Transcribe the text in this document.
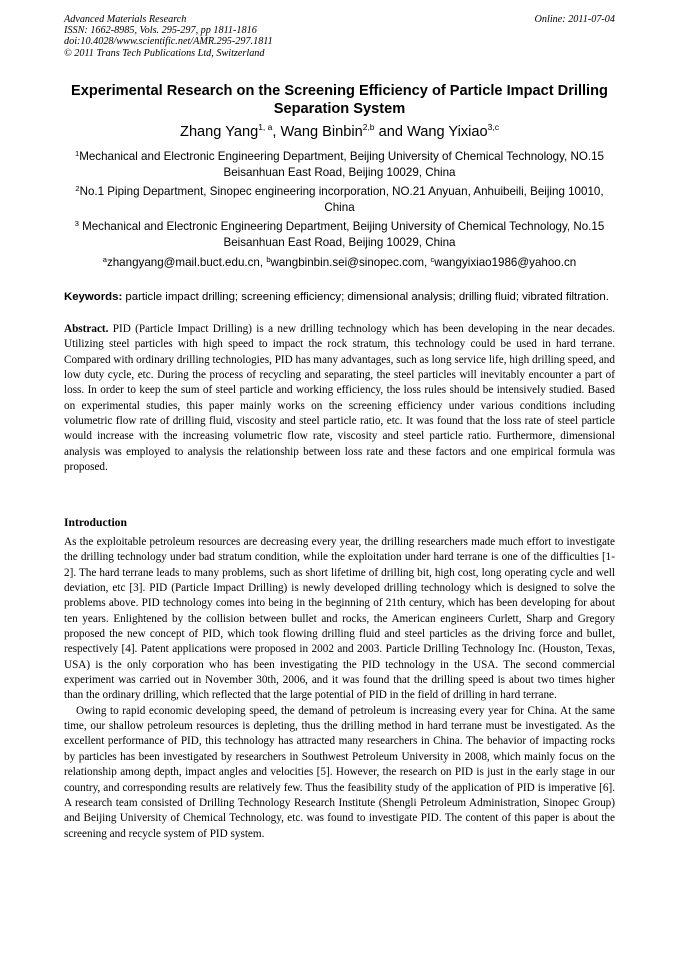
Advanced Materials Research
ISSN: 1662-8985, Vols. 295-297, pp 1811-1816
doi:10.4028/www.scientific.net/AMR.295-297.1811
© 2011 Trans Tech Publications Ltd, Switzerland
Online: 2011-07-04
Experimental Research on the Screening Efficiency of Particle Impact Drilling Separation System
Zhang Yang$^{1, a}$, Wang Binbin$^{2,b}$ and Wang Yixiao$^{3,c}$
$^1$Mechanical and Electronic Engineering Department, Beijing University of Chemical Technology, NO.15 Beisanhuan East Road, Beijing 10029, China
$^2$No.1 Piping Department, Sinopec engineering incorporation, NO.21 Anyuan, Anhuibeili, Beijing 10010, China
$^3$ Mechanical and Electronic Engineering Department, Beijing University of Chemical Technology, No.15 Beisanhuan East Road, Beijing 10029, China
$^a$zhangyang@mail.buct.edu.cn, $^b$wangbinbin.sei@sinopec.com, $^c$wangyixiao1986@yahoo.cn
Keywords: particle impact drilling; screening efficiency; dimensional analysis; drilling fluid; vibrated filtration.
Abstract. PID (Particle Impact Drilling) is a new drilling technology which has been developing in the near decades. Utilizing steel particles with high speed to impact the rock stratum, this technology could be used in hard terrane. Compared with ordinary drilling technologies, PID has many advantages, such as long service life, high drilling speed, and low duty cycle, etc. During the process of recycling and separating, the steel particles will inevitably encounter a part of loss. In order to keep the sum of steel particle and working efficiency, the loss rules should be intensively studied. Based on experimental studies, this paper mainly works on the screening efficiency under various conditions including volumetric flow rate of drilling fluid, viscosity and steel particle ratio, etc. It was found that the loss rate of steel particle would increase with the increasing volumetric flow rate, viscosity and steel particle ratio. Furthermore, dimensional analysis was employed to analysis the relationship between loss rate and these factors and one empirical formula was proposed.
Introduction

As the exploitable petroleum resources are decreasing every year, the drilling researchers made much effort to investigate the drilling technology under bad stratum condition, while the exploitation under hard terrane is one of the difficulties [1-2]. The hard terrane leads to many problems, such as short lifetime of drilling bit, high cost, long operating cycle and well deviation, etc [3]. PID (Particle Impact Drilling) is newly developed drilling technology which is designed to solve the problems above. PID technology comes into being in the beginning of 21th century, which has been developing for about ten years. Enlightened by the collision between bullet and rocks, the American engineers Curlett, Sharp and Gregory proposed the new concept of PID, which took flowing drilling fluid and steel particles as the driving force and bullet, respectively [4]. Patent applications were proposed in 2002 and 2003. Particle Drilling Technology Inc. (Houston, Texas, USA) is the only corporation who has been investigating the PID technology in the USA. The second commercial experiment was carried out in November 30th, 2006, and it was found that the drilling speed is about two times higher than the ordinary drilling, which reflected that the large potential of PID in the field of drilling in hard terrane.

Owing to rapid economic developing speed, the demand of petroleum is increasing every year for China. At the same time, our shallow petroleum resources is depleting, thus the drilling method in hard terrane must be investigated. As the excellent performance of PID, this technology has attracted many researchers in China. The behavior of impacting rocks by particles has been investigated by researchers in Southwest Petroleum University in 2008, which mainly focus on the relationship among depth, impact angles and velocities [5]. However, the research on PID is just in the early stage in our country, and corresponding results are relatively few. Thus the feasibility study of the application of PID is imperative [6]. A research team consisted of Drilling Technology Research Institute (Shengli Petroleum Administration, Sinopec Group) and Beijing University of Chemical Technology, etc. was found to investigate PID. The content of this paper is about the screening and recycle system of PID system.
